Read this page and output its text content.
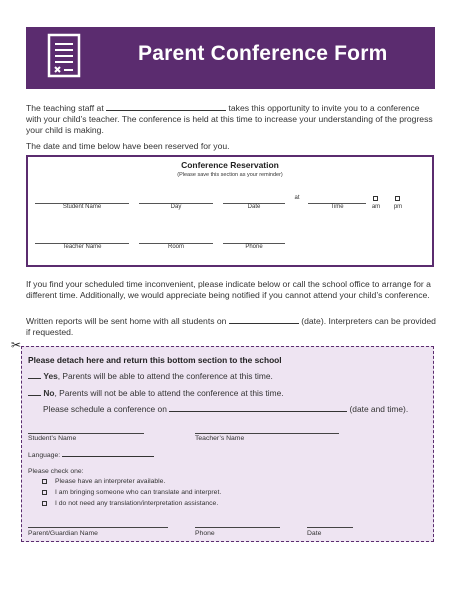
Parent Conference Form
The teaching staff at	takes this opportunity to invite you to a conference with your child’s teacher. The conference is held at this time to increase your understanding of the progress your child is making.
The date and time below have been reserved for you.
Conference Reservation
(Please save this section as your reminder)
at
Student Name	Day	Date	Time	am	pm
Teacher Name	Room	Phone
If you find your scheduled time inconvenient, please indicate below or call the school office to arrange for a different time. Additionally, we would appreciate being notified if you cannot attend your child’s conference.
Written reports will be sent home with all students on	(date). Interpreters can be provided if requested.
✂
Please detach here and return this bottom section to the school
Yes, Parents will be able to attend the conference at this time.
No, Parents will not be able to attend the conference at this time.
Please schedule a conference on	(date and time).
Student’s Name	Teacher’s Name
Language:
Please check one:
Please have an interpreter available.
I am bringing someone who can translate and interpret.
I do not need any translation/interpretation assistance.
Parent/Guardian Name	Phone	Date
